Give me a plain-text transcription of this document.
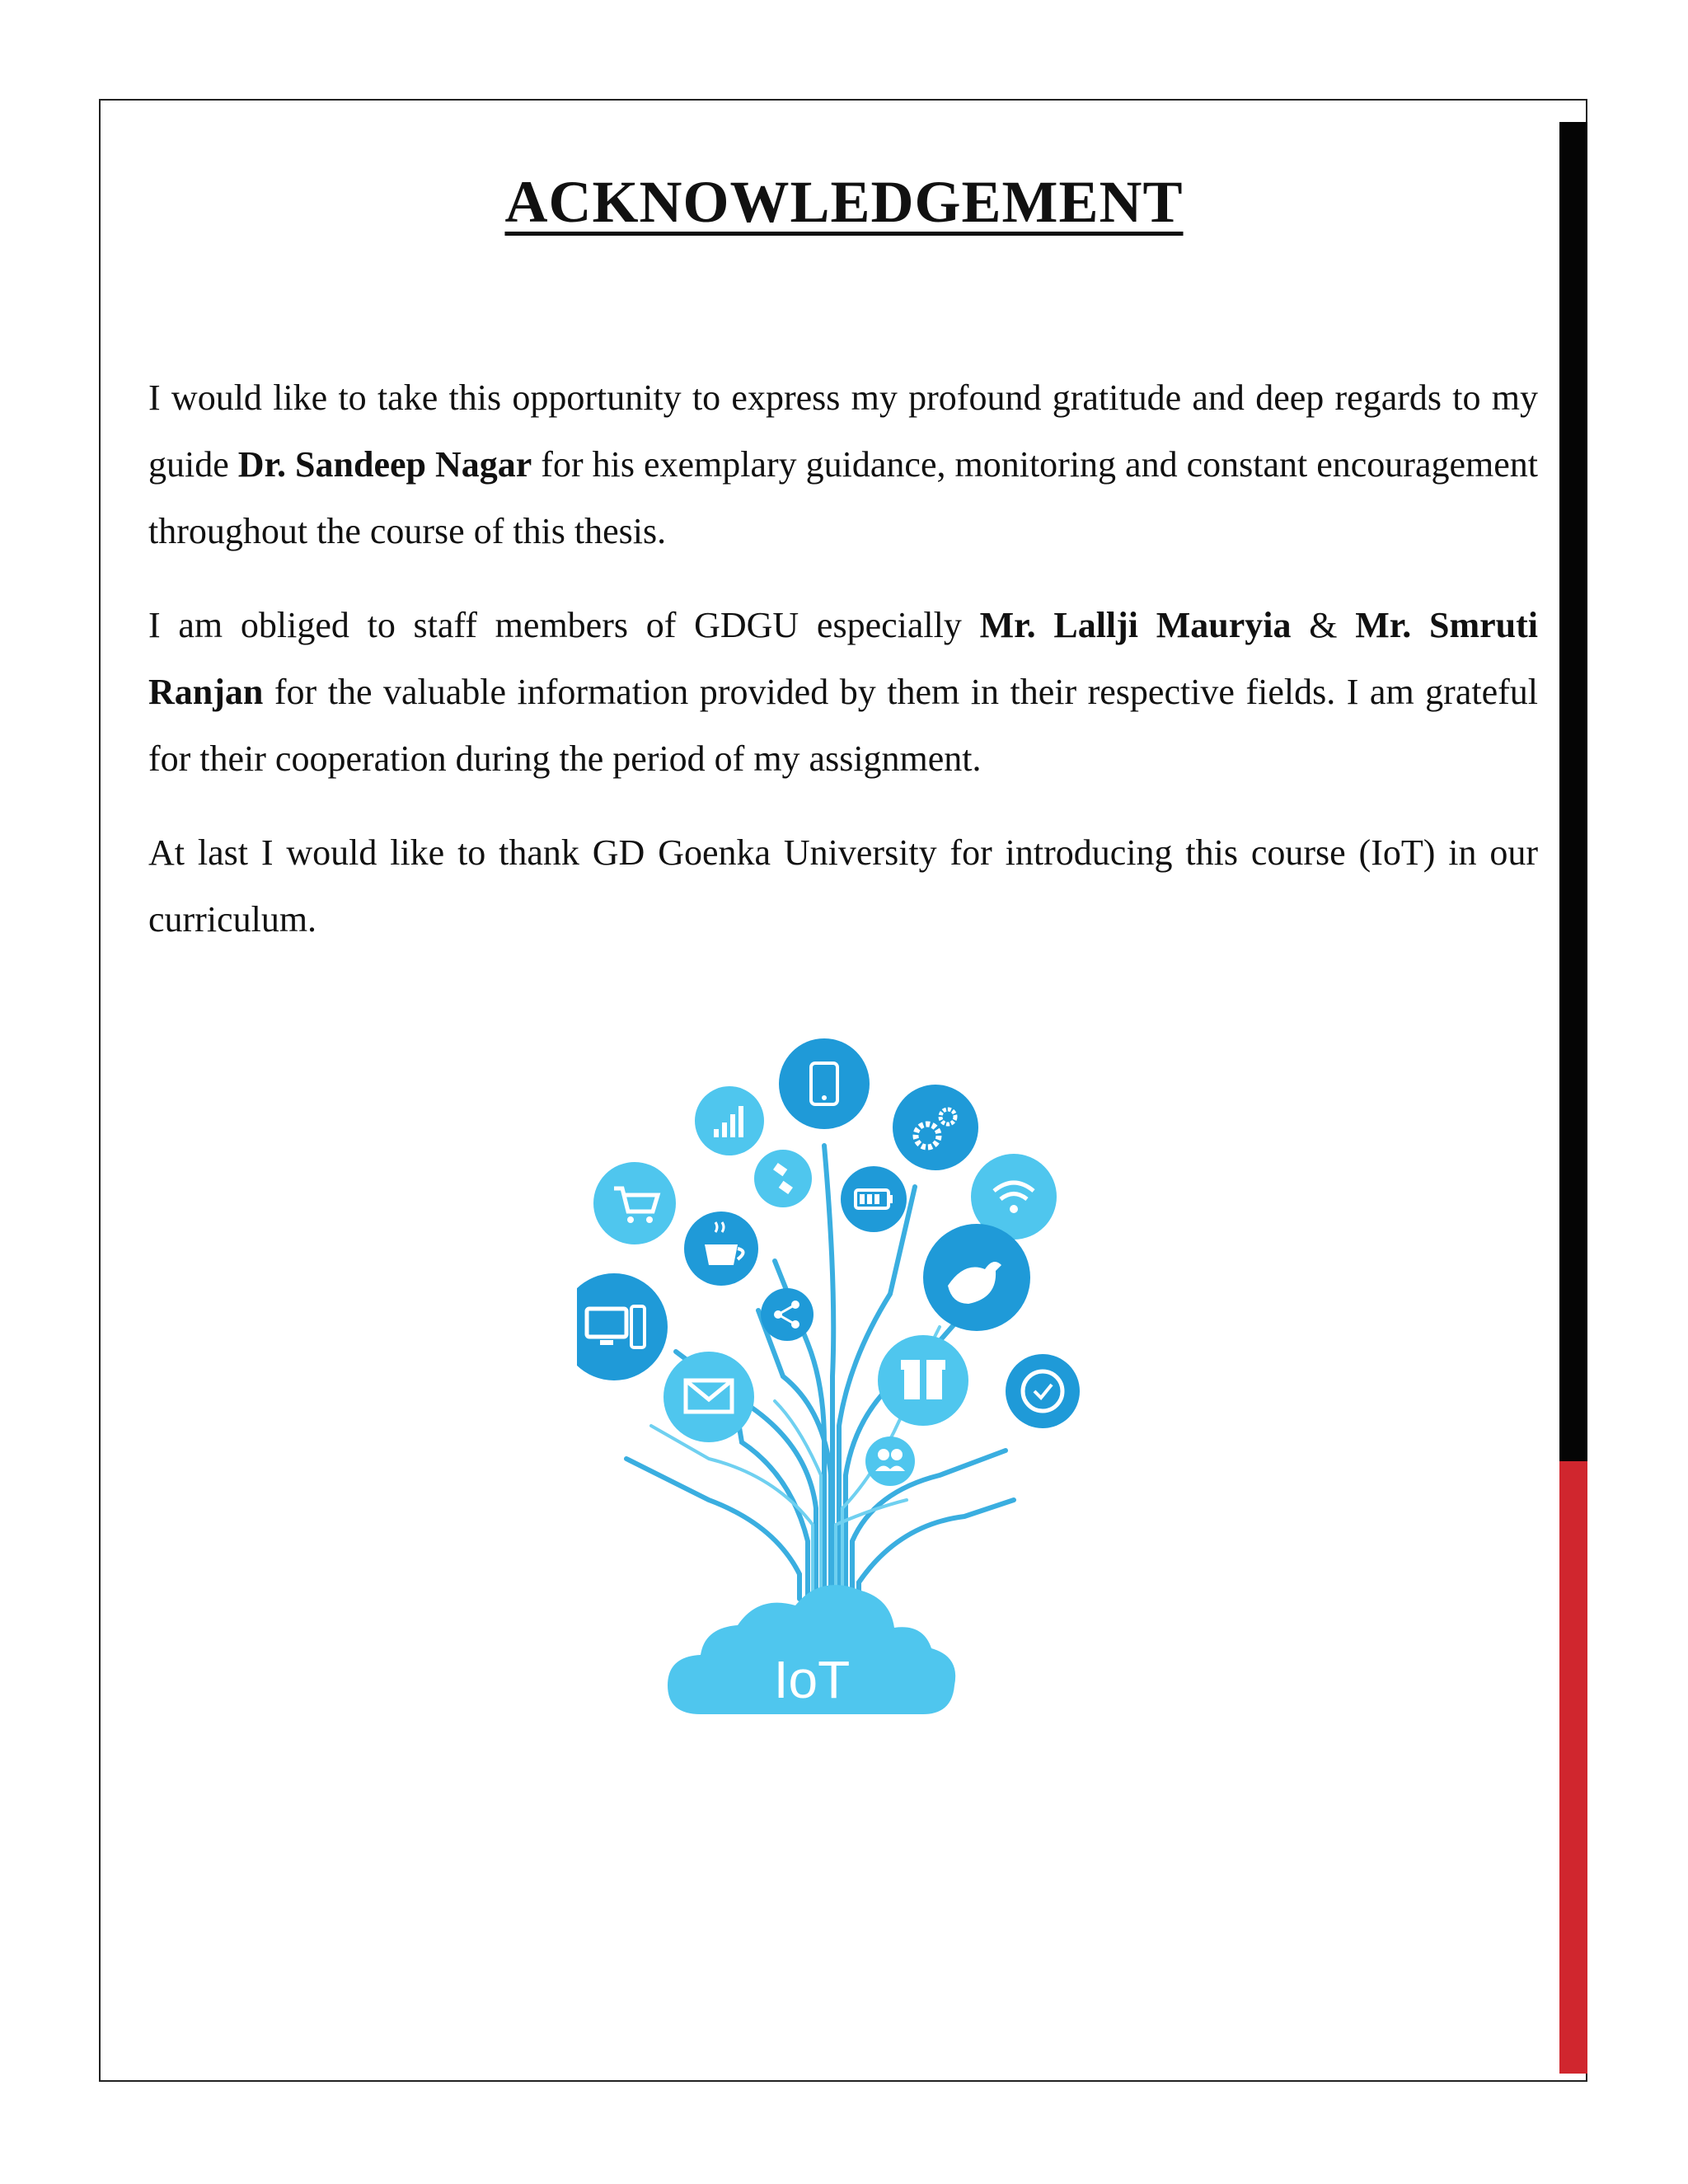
ACKNOWLEDGEMENT

I would like to take this opportunity to express my profound gratitude and deep regards to my guide Dr. Sandeep Nagar for his exemplary guidance, monitoring and constant encouragement throughout the course of this thesis.

I am obliged to staff members of GDGU especially Mr. Lallji Mauryia & Mr. Smruti Ranjan for the valuable information provided by them in their respective fields. I am grateful for their cooperation during the period of my assignment.

At last I would like to thank GD Goenka University for introducing this course (IoT) in our curriculum.

IoT
